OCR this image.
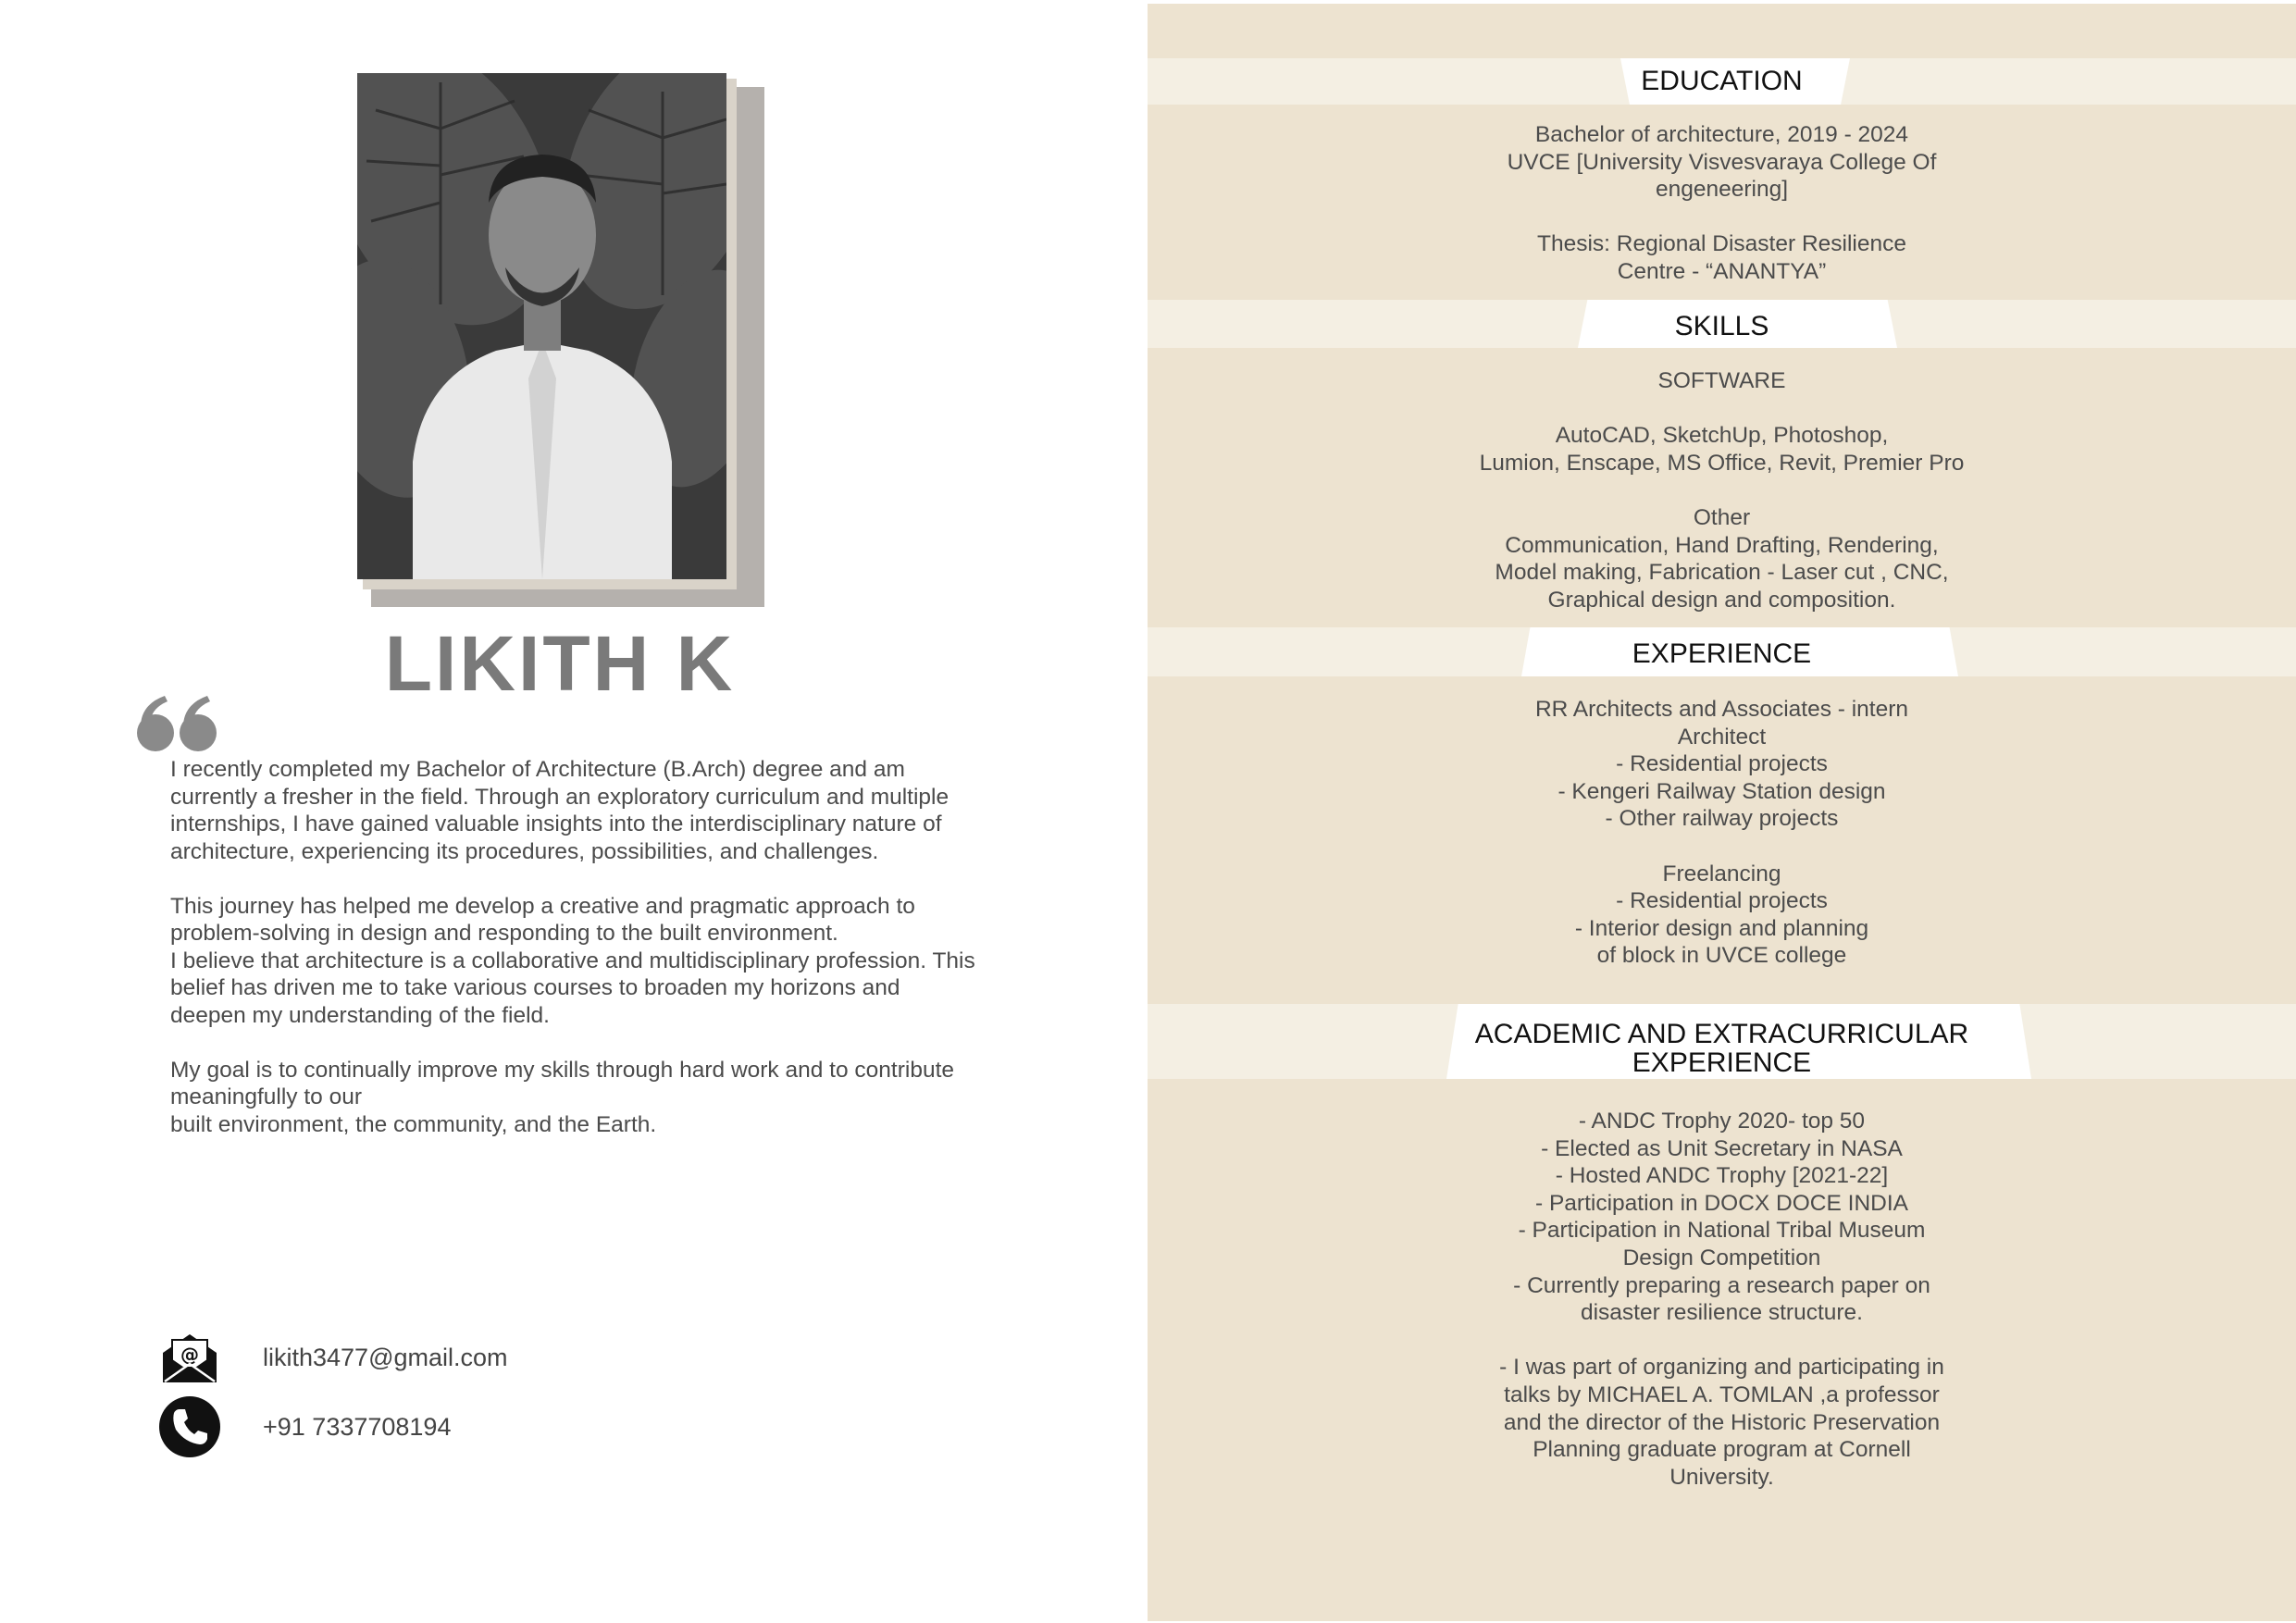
LIKITH K

I recently completed my Bachelor of Architecture (B.Arch) degree and am
currently a fresher in the field. Through an exploratory curriculum and multiple
internships, I have gained valuable insights into the interdisciplinary nature of
architecture, experiencing its procedures, possibilities, and challenges.

This journey has helped me develop a creative and pragmatic approach to
problem-solving in design and responding to the built environment.
I believe that architecture is a collaborative and multidisciplinary profession. This
belief has driven me to take various courses to broaden my horizons and
deepen my understanding of the field.

My goal is to continually improve my skills through hard work and to contribute
meaningfully to our
built environment, the community, and the Earth.

@	likith3477@gmail.com
+91 7337708194
EDUCATION

Bachelor of architecture, 2019 - 2024
UVCE [University Visvesvaraya College Of
engeneering]

Thesis: Regional Disaster Resilience
Centre - “ANANTYA”

SKILLS

SOFTWARE

AutoCAD, SketchUp, Photoshop,
Lumion, Enscape, MS Office, Revit, Premier Pro

Other
Communication, Hand Drafting, Rendering,
Model making, Fabrication - Laser cut , CNC,
Graphical design and composition.

EXPERIENCE

RR Architects and Associates - intern
Architect
- Residential projects
- Kengeri Railway Station design
- Other railway projects

Freelancing
- Residential projects
- Interior design and planning
of block in UVCE college

ACADEMIC AND EXTRACURRICULAR
EXPERIENCE

- ANDC Trophy 2020- top 50
- Elected as Unit Secretary in NASA
- Hosted ANDC Trophy [2021-22]
- Participation in DOCX DOCE INDIA
- Participation in National Tribal Museum
Design Competition
- Currently preparing a research paper on
disaster resilience structure.

- I was part of organizing and participating in
talks by MICHAEL A. TOMLAN ,a professor
and the director of the Historic Preservation
Planning graduate program at Cornell
University.
